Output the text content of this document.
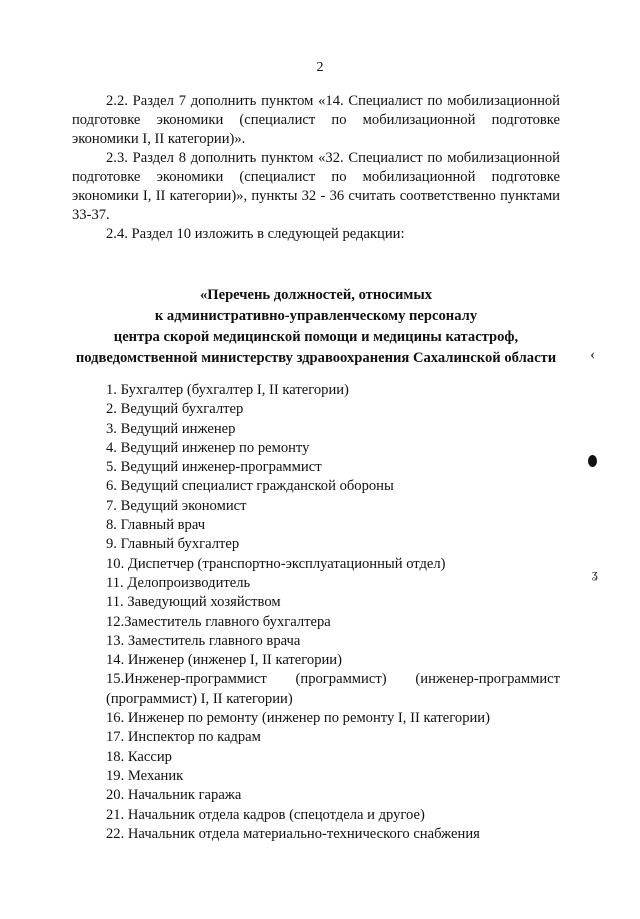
2

2.2. Раздел 7 дополнить пунктом «14. Специалист по мобилизационной подготовке экономики (специалист по мобилизационной подготовке экономики I, II категории)».

2.3. Раздел 8 дополнить пунктом «32. Специалист по мобилизационной подготовке экономики (специалист по мобилизационной подготовке экономики I, II категории)», пункты 32 - 36 считать соответственно пунктами 33-37.

2.4. Раздел 10 изложить в следующей редакции:

«Перечень должностей, относимых
к административно-управленческому персоналу
центра скорой медицинской помощи и медицины катастроф,
подведомственной министерству здравоохранения Сахалинской области
1. Бухгалтер (бухгалтер I, II категории)
2. Ведущий бухгалтер
3. Ведущий инженер
4. Ведущий инженер по ремонту
5. Ведущий инженер-программист
6. Ведущий специалист гражданской обороны
7. Ведущий экономист
8. Главный врач
9. Главный бухгалтер
10. Диспетчер (транспортно-эксплуатационный отдел)
11. Делопроизводитель
11. Заведующий хозяйством
12.Заместитель главного бухгалтера
13. Заместитель главного врача
14. Инженер (инженер I, II категории)
15.Инженер-программист (программист) (инженер-программист (программист) I, II категории)
16. Инженер по ремонту (инженер по ремонту I, II категории)
17. Инспектор по кадрам
18. Кассир
19. Механик
20. Начальник гаража
21. Начальник отдела кадров (спецотдела и другое)
22. Начальник отдела материально-технического снабжения
‹
ʓ
